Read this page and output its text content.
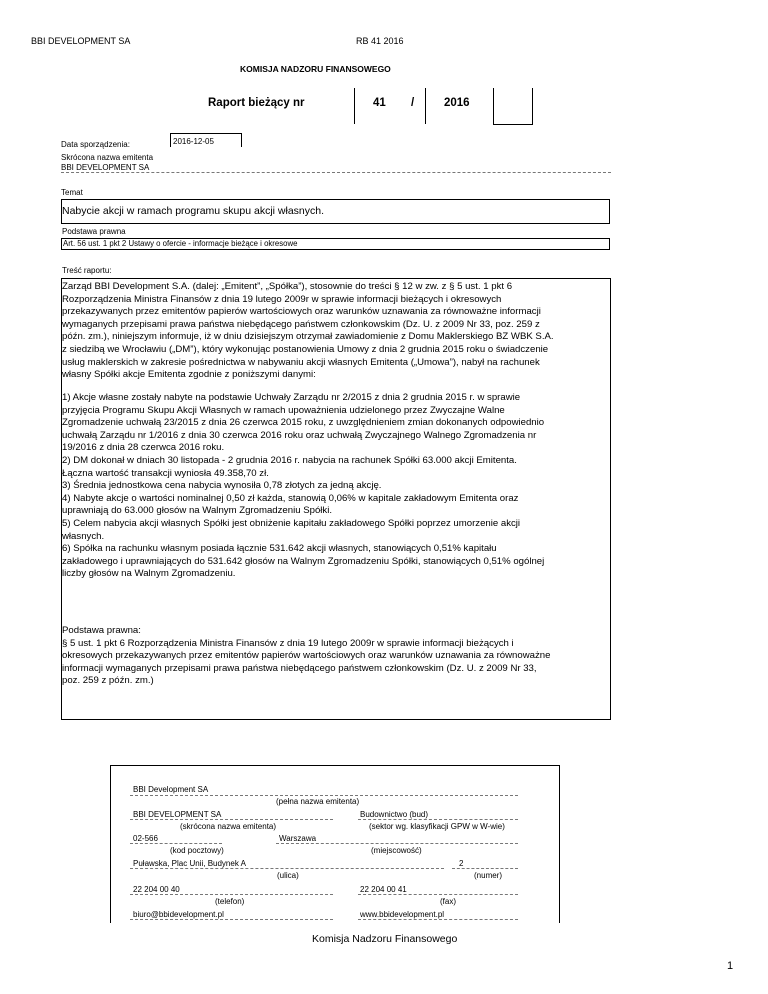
BBI DEVELOPMENT SA	RB 41 2016
KOMISJA NADZORU FINANSOWEGO
Raport bieżący nr	41 /	2016
Data sporządzenia:	2016-12-05
Skrócona nazwa emitenta
BBI DEVELOPMENT SA
Temat
Nabycie akcji w ramach programu skupu akcji własnych.
Podstawa prawna
Art. 56 ust. 1 pkt 2 Ustawy o ofercie - informacje bieżące i okresowe
Treść raportu:
Zarząd BBI Development S.A. (dalej: „Emitent”, „Spółka”), stosownie do treści § 12 w zw. z § 5 ust. 1 pkt 6
Rozporządzenia Ministra Finansów z dnia 19 lutego 2009r w sprawie informacji bieżących i okresowych
przekazywanych przez emitentów papierów wartościowych oraz warunków uznawania za równoważne informacji
wymaganych przepisami prawa państwa niebędącego państwem członkowskim (Dz. U. z 2009 Nr 33, poz. 259 z
późn. zm.), niniejszym informuje, iż w dniu dzisiejszym otrzymał zawiadomienie z Domu Maklerskiego BZ WBK S.A.
z siedzibą we Wrocławiu („DM”), który wykonując postanowienia Umowy z dnia 2 grudnia 2015 roku o świadczenie
usług maklerskich w zakresie pośrednictwa w nabywaniu akcji własnych Emitenta („Umowa”), nabył na rachunek
własny Spółki akcje Emitenta zgodnie z poniższymi danymi:
1) Akcje własne zostały nabyte na podstawie Uchwały Zarządu nr 2/2015 z dnia 2 grudnia 2015 r. w sprawie
przyjęcia Programu Skupu Akcji Własnych w ramach upoważnienia udzielonego przez Zwyczajne Walne
Zgromadzenie uchwałą 23/2015 z dnia 26 czerwca 2015 roku, z uwzględnieniem zmian dokonanych odpowiednio
uchwałą Zarządu nr 1/2016 z dnia 30 czerwca 2016 roku oraz uchwałą Zwyczajnego Walnego Zgromadzenia nr
19/2016 z dnia 28 czerwca 2016 roku.
2) DM dokonał w dniach 30 listopada - 2 grudnia 2016 r. nabycia na rachunek Spółki 63.000 akcji Emitenta.
Łączna wartość transakcji wyniosła 49.358,70 zł.
3) Średnia jednostkowa cena nabycia wynosiła 0,78 złotych za jedną akcję.
4) Nabyte akcje o wartości nominalnej 0,50 zł każda, stanowią 0,06% w kapitale zakładowym Emitenta oraz
uprawniają do 63.000 głosów na Walnym Zgromadzeniu Spółki.
5) Celem nabycia akcji własnych Spółki jest obniżenie kapitału zakładowego Spółki poprzez umorzenie akcji
własnych.
6) Spółka na rachunku własnym posiada łącznie 531.642 akcji własnych, stanowiących 0,51% kapitału
zakładowego i uprawniających do 531.642 głosów na Walnym Zgromadzeniu Spółki, stanowiących 0,51% ogólnej
liczby głosów na Walnym Zgromadzeniu.
Podstawa prawna:
§ 5 ust. 1 pkt 6 Rozporządzenia Ministra Finansów z dnia 19 lutego 2009r w sprawie informacji bieżących i
okresowych przekazywanych przez emitentów papierów wartościowych oraz warunków uznawania za równoważne
informacji wymaganych przepisami prawa państwa niebędącego państwem członkowskim (Dz. U. z 2009 Nr 33,
poz. 259 z późn. zm.)
BBI Development SA
(pełna nazwa emitenta)
BBI DEVELOPMENT SA
(skrócona nazwa emitenta)
Budownictwo (bud)
(sektor wg. klasyfikacji GPW w W-wie)
02-566
(kod pocztowy)
Warszawa
(miejscowość)
Puławska, Plac Unii, Budynek A
(ulica)
2
(numer)
22 204 00 40
(telefon)
22 204 00 41
(fax)
biuro@bbidevelopment.pl	www.bbidevelopment.pl
Komisja Nadzoru Finansowego
1
